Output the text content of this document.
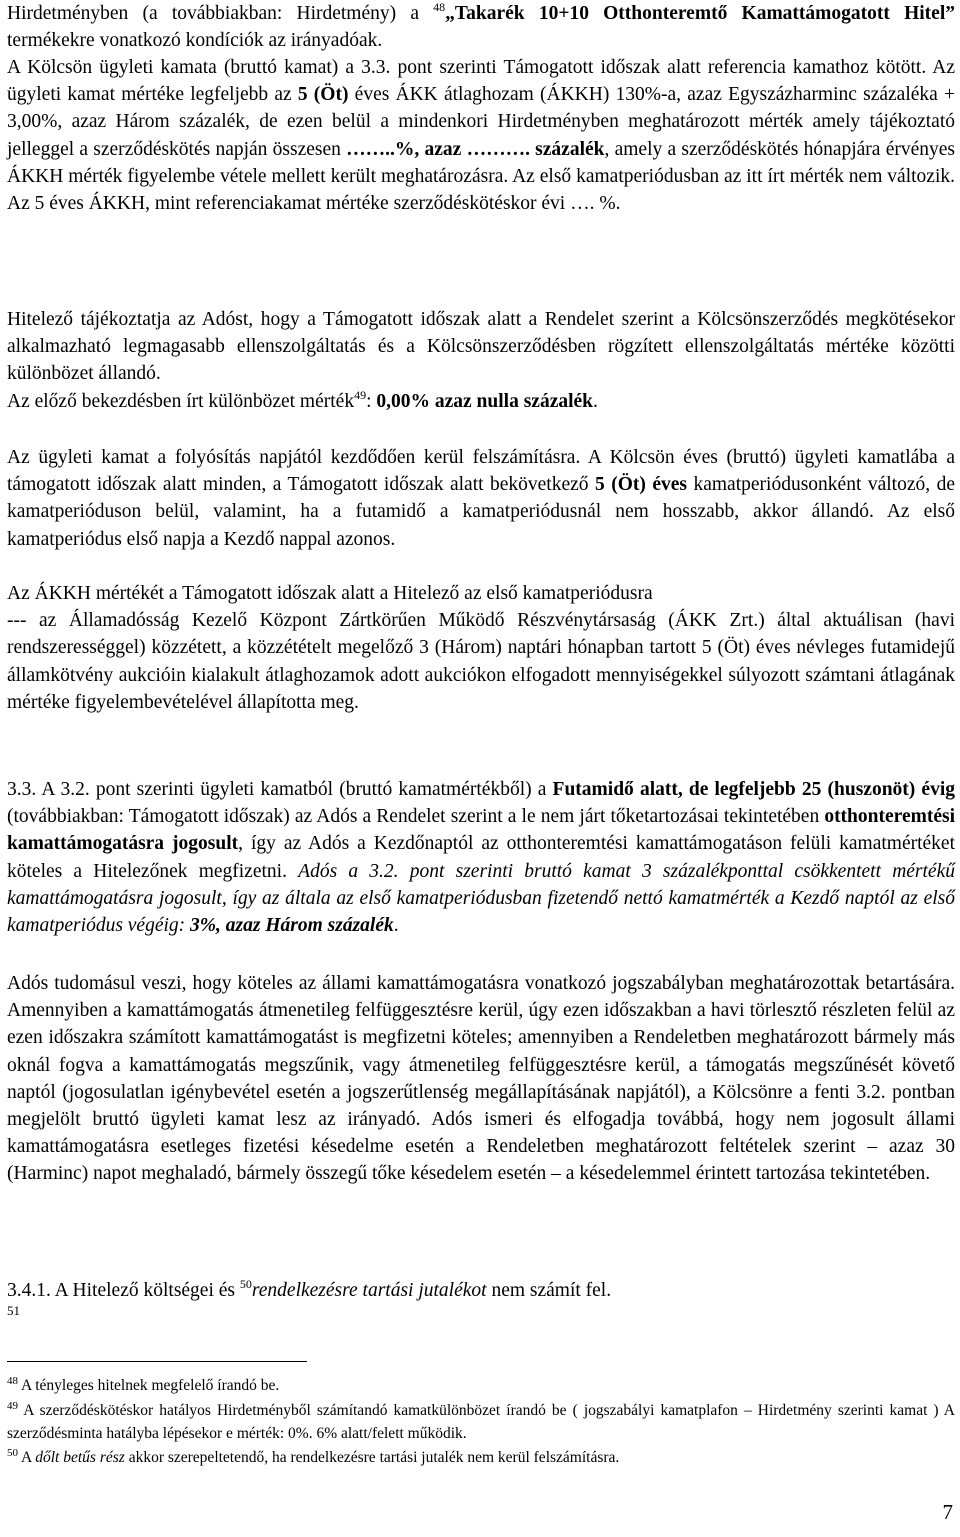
Hirdetményben (a továbbiakban: Hirdetmény) a $^{48}$„Takarék 10+10 Otthonteremtő Kamattámogatott Hitel” termékekre vonatkozó kondíciók az irányadóak.

A Kölcsön ügyleti kamata (bruttó kamat) a 3.3. pont szerinti Támogatott időszak alatt referencia kamathoz kötött. Az ügyleti kamat mértéke legfeljebb az 5 (Öt) éves ÁKK átlaghozam (ÁKKH) 130%-a, azaz Egyszázharminc százaléka + 3,00%, azaz Három százalék, de ezen belül a mindenkori Hirdetményben meghatározott mérték amely tájékoztató jelleggel a szerződéskötés napján összesen ……..%, azaz ………. százalék, amely a szerződéskötés hónapjára érvényes ÁKKH mérték figyelembe vétele mellett került meghatározásra. Az első kamatperiódusban az itt írt mérték nem változik. Az 5 éves ÁKKH, mint referenciakamat mértéke szerződéskötéskor évi …. %.

Hitelező tájékoztatja az Adóst, hogy a Támogatott időszak alatt a Rendelet szerint a Kölcsönszerződés megkötésekor alkalmazható legmagasabb ellenszolgáltatás és a Kölcsönszerződésben rögzített ellenszolgáltatás mértéke közötti különbözet állandó.
Az előző bekezdésben írt különbözet mérték$^{49}$: 0,00% azaz nulla százalék.

Az ügyleti kamat a folyósítás napjától kezdődően kerül felszámításra. A Kölcsön éves (bruttó) ügyleti kamatlába a támogatott időszak alatt minden, a Támogatott időszak alatt bekövetkező 5 (Öt) éves kamatperiódusonként változó, de kamatperióduson belül, valamint, ha a futamidő a kamatperiódusnál nem hosszabb, akkor állandó. Az első kamatperiódus első napja a Kezdő nappal azonos.

Az ÁKKH mértékét a Támogatott időszak alatt a Hitelező az első kamatperiódusra
--- az Államadósság Kezelő Központ Zártkörűen Működő Részvénytársaság (ÁKK Zrt.) által aktuálisan (havi rendszerességgel) közzétett, a közzétételt megelőző 3 (Három) naptári hónapban tartott 5 (Öt) éves névleges futamidejű államkötvény aukcióin kialakult átlaghozamok adott aukciókon elfogadott mennyiségekkel súlyozott számtani átlagának mértéke figyelembevételével állapította meg.

3.3. A 3.2. pont szerinti ügyleti kamatból (bruttó kamatmértékből) a Futamidő alatt, de legfeljebb 25 (huszonöt) évig (továbbiakban: Támogatott időszak) az Adós a Rendelet szerint a le nem járt tőketartozásai tekintetében otthonteremtési kamattámogatásra jogosult, így az Adós a Kezdőnaptól az otthonteremtési kamattámogatáson felüli kamatmértéket köteles a Hitelezőnek megfizetni. Adós a 3.2. pont szerinti bruttó kamat 3 százalékponttal csökkentett mértékű kamattámogatásra jogosult, így az általa az első kamatperiódusban fizetendő nettó kamatmérték a Kezdő naptól az első kamatperiódus végéig: 3%, azaz Három százalék.

Adós tudomásul veszi, hogy köteles az állami kamattámogatásra vonatkozó jogszabályban meghatározottak betartására. Amennyiben a kamattámogatás átmenetileg felfüggesztésre kerül, úgy ezen időszakban a havi törlesztő részleten felül az ezen időszakra számított kamattámogatást is megfizetni köteles; amennyiben a Rendeletben meghatározott bármely más oknál fogva a kamattámogatás megszűnik, vagy átmenetileg felfüggesztésre kerül, a támogatás megszűnését követő naptól (jogosulatlan igénybevétel esetén a jogszerűtlenség megállapításának napjától), a Kölcsönre a fenti 3.2. pontban megjelölt bruttó ügyleti kamat lesz az irányadó. Adós ismeri és elfogadja továbbá, hogy nem jogosult állami kamattámogatásra esetleges fizetési késedelme esetén a Rendeletben meghatározott feltételek szerint – azaz 30 (Harminc) napot meghaladó, bármely összegű tőke késedelem esetén – a késedelemmel érintett tartozása tekintetében.

3.4.1. A Hitelező költségei és $^{50}$rendelkezésre tartási jutalékot nem számít fel.

51

$^{48}$ A tényleges hitelnek megfelelő írandó be.

$^{49}$ A szerződéskötéskor hatályos Hirdetményből számítandó kamatkülönbözet írandó be ( jogszabályi kamatplafon – Hirdetmény szerinti kamat ) A szerződésminta hatályba lépésekor e mérték: 0%. 6% alatt/felett működik.

$^{50}$ A dőlt betűs rész akkor szerepeltetendő, ha rendelkezésre tartási jutalék nem kerül felszámításra.

7
